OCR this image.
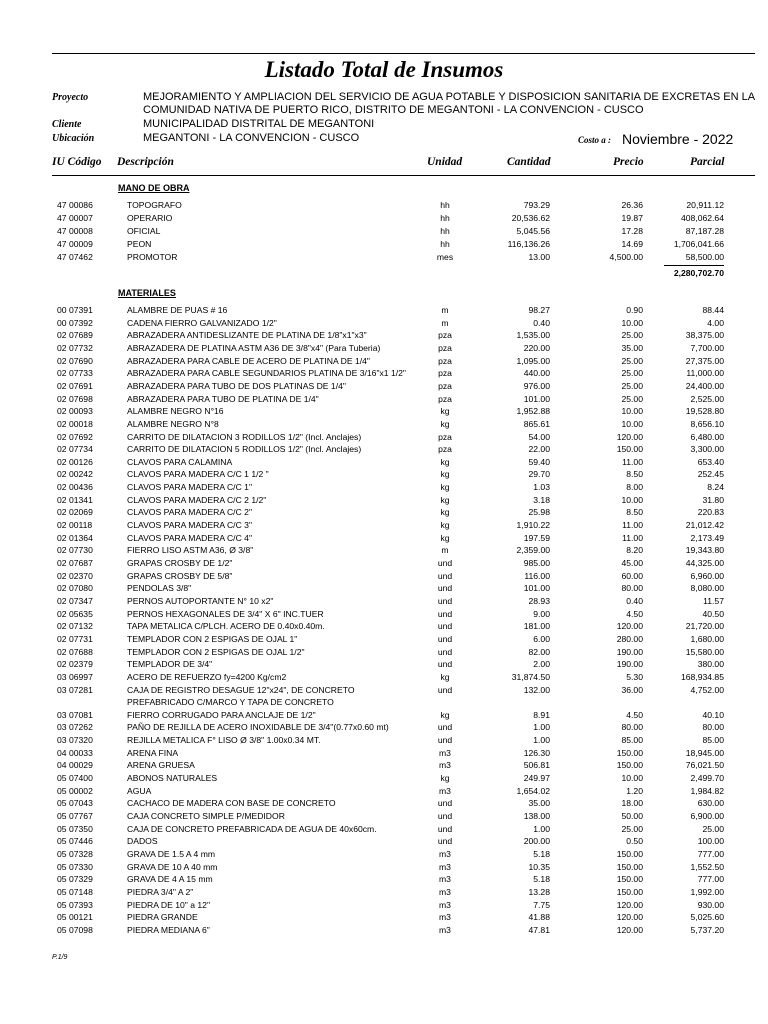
Listado Total de Insumos
Proyecto	MEJORAMIENTO Y AMPLIACION DEL SERVICIO DE AGUA POTABLE Y DISPOSICION SANITARIA DE EXCRETAS EN LA
COMUNIDAD NATIVA DE PUERTO RICO, DISTRITO DE MEGANTONI - LA CONVENCION - CUSCO
Cliente	MUNICIPALIDAD DISTRITAL DE MEGANTONI
Ubicación	MEGANTONI - LA CONVENCION - CUSCO	Costo a : Noviembre - 2022
IU Código Descripción	Unidad	Cantidad	Precio	Parcial
MANO DE OBRA
47 00086	TOPOGRAFO	hh	793.29	26.36	20,911.12
47 00007	OPERARIO	hh	20,536.62	19.87	408,062.64
47 00008	OFICIAL	hh	5,045.56	17.28	87,187.28
47 00009	PEON	hh	116,136.26	14.69	1,706,041.66
47 07462	PROMOTOR	mes	13.00	4,500.00	58,500.00
2,280,702.70
MATERIALES
00 07391	ALAMBRE DE PUAS # 16	m	98.27	0.90	88.44
00 07392	CADENA FIERRO GALVANIZADO 1/2"	m	0.40	10.00	4.00
02 07689	ABRAZADERA ANTIDESLIZANTE DE PLATINA DE 1/8"x1"x3"	pza	1,535.00	25.00	38,375.00
02 07732	ABRAZADERA DE PLATINA ASTM A36 DE 3/8"x4" (Para Tuberia)	pza	220.00	35.00	7,700.00
02 07690	ABRAZADERA PARA CABLE DE ACERO DE PLATINA DE 1/4"	pza	1,095.00	25.00	27,375.00
02 07733	ABRAZADERA PARA CABLE SEGUNDARIOS PLATINA DE 3/16"x1 1/2"	pza	440.00	25.00	11,000.00
02 07691	ABRAZADERA PARA TUBO DE DOS PLATINAS DE 1/4"	pza	976.00	25.00	24,400.00
02 07698	ABRAZADERA PARA TUBO DE PLATINA DE 1/4"	pza	101.00	25.00	2,525.00
02 00093	ALAMBRE NEGRO N°16	kg	1,952.88	10.00	19,528.80
02 00018	ALAMBRE NEGRO N°8	kg	865.61	10.00	8,656.10
02 07692	CARRITO DE DILATACION 3 RODILLOS 1/2" (Incl. Anclajes)	pza	54.00	120.00	6,480.00
02 07734	CARRITO DE DILATACION 5 RODILLOS 1/2" (Incl. Anclajes)	pza	22.00	150.00	3,300.00
02 00126	CLAVOS PARA CALAMINA	kg	59.40	11.00	653.40
02 00242	CLAVOS PARA MADERA C/C 1 1/2 "	kg	29.70	8.50	252.45
02 00436	CLAVOS PARA MADERA C/C 1"	kg	1.03	8.00	8.24
02 01341	CLAVOS PARA MADERA C/C 2 1/2"	kg	3.18	10.00	31.80
02 02069	CLAVOS PARA MADERA C/C 2"	kg	25.98	8.50	220.83
02 00118	CLAVOS PARA MADERA C/C 3"	kg	1,910.22	11.00	21,012.42
02 01364	CLAVOS PARA MADERA C/C 4"	kg	197.59	11.00	2,173.49
02 07730	FIERRO LISO ASTM A36, Ø 3/8"	m	2,359.00	8.20	19,343.80
02 07687	GRAPAS CROSBY DE 1/2"	und	985.00	45.00	44,325.00
02 02370	GRAPAS CROSBY DE 5/8"	und	116.00	60.00	6,960.00
02 07080	PENDOLAS 3/8"	und	101.00	80.00	8,080.00
02 07347	PERNOS AUTOPORTANTE N° 10 x2"	und	28.93	0.40	11.57
02 05635	PERNOS HEXAGONALES DE 3/4" X 6" INC.TUER	und	9.00	4.50	40.50
02 07132	TAPA METALICA C/PLCH. ACERO DE 0.40x0.40m.	und	181.00	120.00	21,720.00
02 07731	TEMPLADOR CON 2 ESPIGAS DE OJAL 1"	und	6.00	280.00	1,680.00
02 07688	TEMPLADOR CON 2 ESPIGAS DE OJAL 1/2"	und	82.00	190.00	15,580.00
02 02379	TEMPLADOR DE 3/4"	und	2.00	190.00	380.00
03 06997	ACERO DE REFUERZO fy=4200 Kg/cm2	kg	31,874.50	5.30	168,934.85
03 07281	CAJA DE REGISTRO DESAGUE 12"x24", DE CONCRETO	und	132.00	36.00	4,752.00
PREFABRICADO C/MARCO Y TAPA DE CONCRETO
03 07081	FIERRO CORRUGADO PARA ANCLAJE DE 1/2"	kg	8.91	4.50	40.10
03 07262	PAÑO DE REJILLA DE ACERO INOXIDABLE DE 3/4"(0.77x0.60 mt)	und	1.00	80.00	80.00
03 07320	REJILLA METALICA F° LISO Ø 3/8" 1.00x0.34 MT.	und	1.00	85.00	85.00
04 00033	ARENA FINA	m3	126.30	150.00	18,945.00
04 00029	ARENA GRUESA	m3	506.81	150.00	76,021.50
05 07400	ABONOS NATURALES	kg	249.97	10.00	2,499.70
05 00002	AGUA	m3	1,654.02	1.20	1,984.82
05 07043	CACHACO DE MADERA CON BASE DE CONCRETO	und	35.00	18.00	630.00
05 07767	CAJA CONCRETO SIMPLE P/MEDIDOR	und	138.00	50.00	6,900.00
05 07350	CAJA DE CONCRETO PREFABRICADA DE AGUA DE 40x60cm.	und	1.00	25.00	25.00
05 07446	DADOS	und	200.00	0.50	100.00
05 07328	GRAVA DE 1.5 A 4 mm	m3	5.18	150.00	777.00
05 07330	GRAVA DE 10 A 40 mm	m3	10.35	150.00	1,552.50
05 07329	GRAVA DE 4 A 15 mm	m3	5.18	150.00	777.00
05 07148	PIEDRA 3/4" A 2"	m3	13.28	150.00	1,992.00
05 07393	PIEDRA DE 10" a 12"	m3	7.75	120.00	930.00
05 00121	PIEDRA GRANDE	m3	41.88	120.00	5,025.60
05 07098	PIEDRA MEDIANA 6"	m3	47.81	120.00	5,737.20
P.1/9
